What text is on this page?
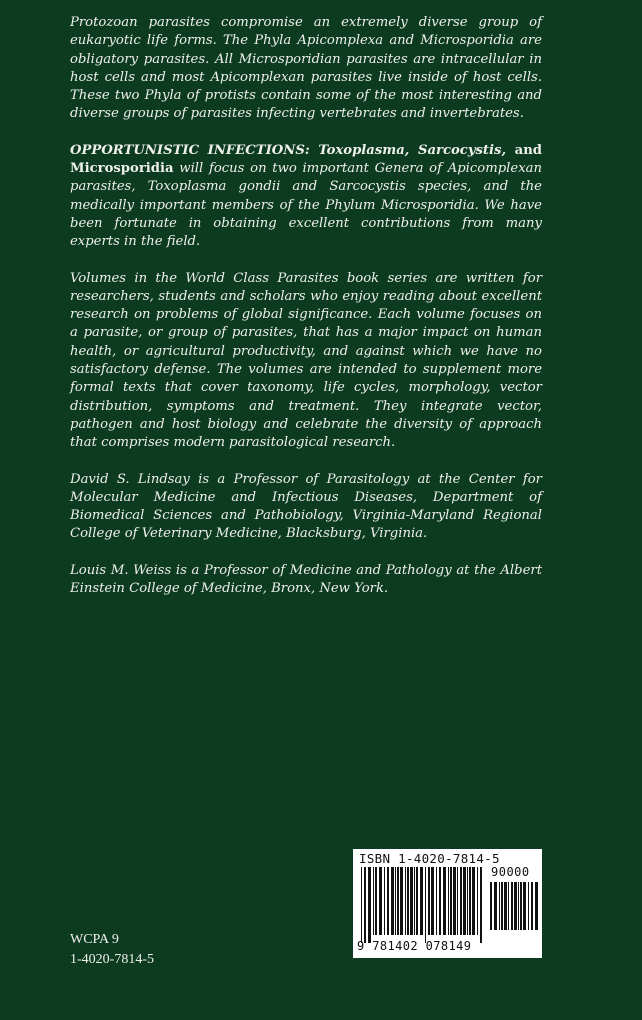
Protozoan parasites compromise an extremely diverse group of eukaryotic life forms. The Phyla Apicomplexa and Microsporidia are obligatory parasites. All Microsporidian parasites are intracellular in host cells and most Apicomplexan parasites live inside of host cells. These two Phyla of protists contain some of the most interesting and diverse groups of parasites infecting vertebrates and invertebrates.

OPPORTUNISTIC INFECTIONS: Toxoplasma, Sarcocystis, and Microsporidia will focus on two important Genera of Apicomplexan parasites, Toxoplasma gondii and Sarcocystis species, and the medically important members of the Phylum Microsporidia. We have been fortunate in obtaining excellent contributions from many experts in the field.

Volumes in the World Class Parasites book series are written for researchers, students and scholars who enjoy reading about excellent research on problems of global significance. Each volume focuses on a parasite, or group of parasites, that has a major impact on human health, or agricultural productivity, and against which we have no satisfactory defense. The volumes are intended to supplement more formal texts that cover taxonomy, life cycles, morphology, vector distribution, symptoms and treatment. They integrate vector, pathogen and host biology and celebrate the diversity of approach that comprises modern parasitological research.

David S. Lindsay is a Professor of Parasitology at the Center for Molecular Medicine and Infectious Diseases, Department of Biomedical Sciences and Pathobiology, Virginia-Maryland Regional College of Veterinary Medicine, Blacksburg, Virginia.

Louis M. Weiss is a Professor of Medicine and Pathology at the Albert Einstein College of Medicine, Bronx, New York.

WCPA 9
1-4020-7814-5
ISBN 1-4020-7814-5
90000
9 781402 078149
